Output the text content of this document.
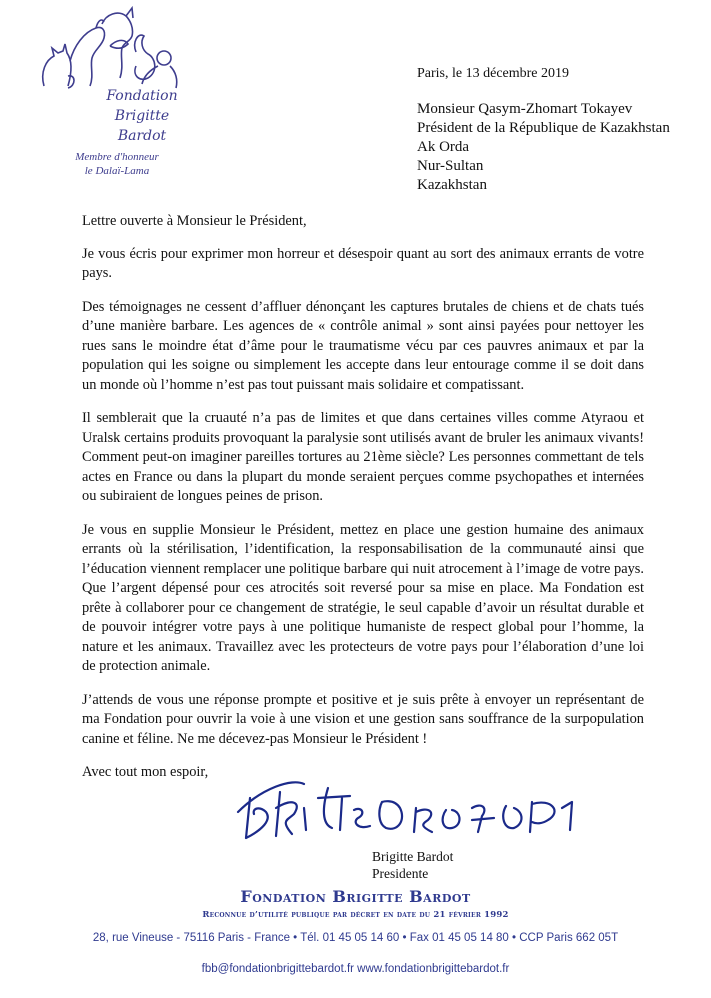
Fondation
Brigitte Bardot
Membre d'honneur
le Dalaï-Lama
Paris, le 13 décembre 2019
Monsieur Qasym-Zhomart Tokayev
Président de la République de Kazakhstan
Ak Orda
Nur-Sultan
Kazakhstan

Lettre ouverte à Monsieur le Président,

Je vous écris pour exprimer mon horreur et désespoir quant au sort des animaux errants de votre pays.

Des témoignages ne cessent d’affluer dénonçant les captures brutales de chiens et de chats tués d’une manière barbare. Les agences de « contrôle animal » sont ainsi payées pour nettoyer les rues sans le moindre état d’âme pour le traumatisme vécu par ces pauvres animaux et par la population qui les soigne ou simplement les accepte dans leur entourage comme il se doit dans un monde où l’homme n’est pas tout puissant mais solidaire et compatissant.

Il semblerait que la cruauté n’a pas de limites et que dans certaines villes comme Atyraou et Uralsk certains produits provoquant la paralysie sont utilisés avant de bruler les animaux vivants! Comment peut-on imaginer pareilles tortures au 21ème siècle? Les personnes commettant de tels actes en France ou dans la plupart du monde seraient perçues comme psychopathes et internées ou subiraient de longues peines de prison.

Je vous en supplie Monsieur le Président, mettez en place une gestion humaine des animaux errants où la stérilisation, l’identification, la responsabilisation de la communauté ainsi que l’éducation viennent remplacer une politique barbare qui nuit atrocement à l’image de votre pays. Que l’argent dépensé pour ces atrocités soit reversé pour sa mise en place. Ma Fondation est prête à collaborer pour ce changement de stratégie, le seul capable d’avoir un résultat durable et de pouvoir intégrer votre pays à une politique humaniste de respect global pour l’homme, la nature et les animaux. Travaillez avec les protecteurs de votre pays pour l’élaboration d’une loi de protection animale.

J’attends de vous une réponse prompte et positive et je suis prête à envoyer un représentant de ma Fondation pour ouvrir la voie à une vision et une gestion sans souffrance de la surpopulation canine et féline. Ne me décevez-pas Monsieur le Président !

Avec tout mon espoir,

Brigitte Bardot
Presidente
Fondation Brigitte Bardot
Reconnue d’utilité publique par décret en date du 21 février 1992
28, rue Vineuse - 75116 Paris - France • Tél. 01 45 05 14 60 • Fax 01 45 05 14 80 • CCP Paris 662 05T
fbb@fondationbrigittebardot.fr www.fondationbrigittebardot.fr
